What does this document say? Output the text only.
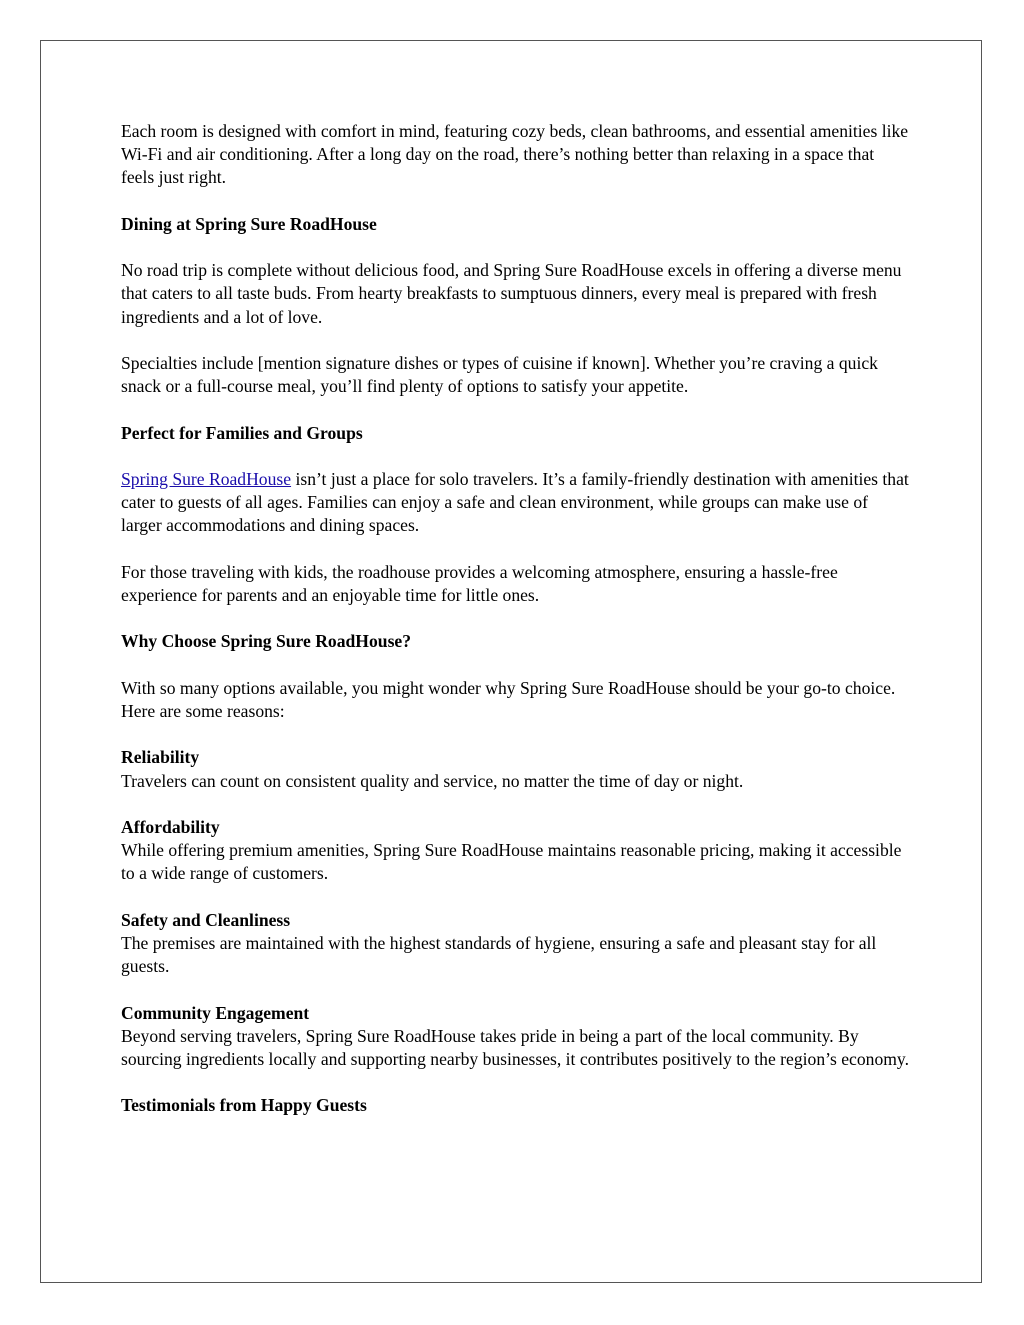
Each room is designed with comfort in mind, featuring cozy beds, clean bathrooms, and essential amenities like Wi-Fi and air conditioning. After a long day on the road, there’s nothing better than relaxing in a space that feels just right.

Dining at Spring Sure RoadHouse

No road trip is complete without delicious food, and Spring Sure RoadHouse excels in offering a diverse menu that caters to all taste buds. From hearty breakfasts to sumptuous dinners, every meal is prepared with fresh ingredients and a lot of love.

Specialties include [mention signature dishes or types of cuisine if known]. Whether you’re craving a quick snack or a full-course meal, you’ll find plenty of options to satisfy your appetite.

Perfect for Families and Groups

Spring Sure RoadHouse isn’t just a place for solo travelers. It’s a family-friendly destination with amenities that cater to guests of all ages. Families can enjoy a safe and clean environment, while groups can make use of larger accommodations and dining spaces.

For those traveling with kids, the roadhouse provides a welcoming atmosphere, ensuring a hassle-free experience for parents and an enjoyable time for little ones.

Why Choose Spring Sure RoadHouse?

With so many options available, you might wonder why Spring Sure RoadHouse should be your go-to choice. Here are some reasons:

Reliability

Travelers can count on consistent quality and service, no matter the time of day or night.

Affordability

While offering premium amenities, Spring Sure RoadHouse maintains reasonable pricing, making it accessible to a wide range of customers.

Safety and Cleanliness

The premises are maintained with the highest standards of hygiene, ensuring a safe and pleasant stay for all guests.

Community Engagement

Beyond serving travelers, Spring Sure RoadHouse takes pride in being a part of the local community. By sourcing ingredients locally and supporting nearby businesses, it contributes positively to the region’s economy.

Testimonials from Happy Guests
